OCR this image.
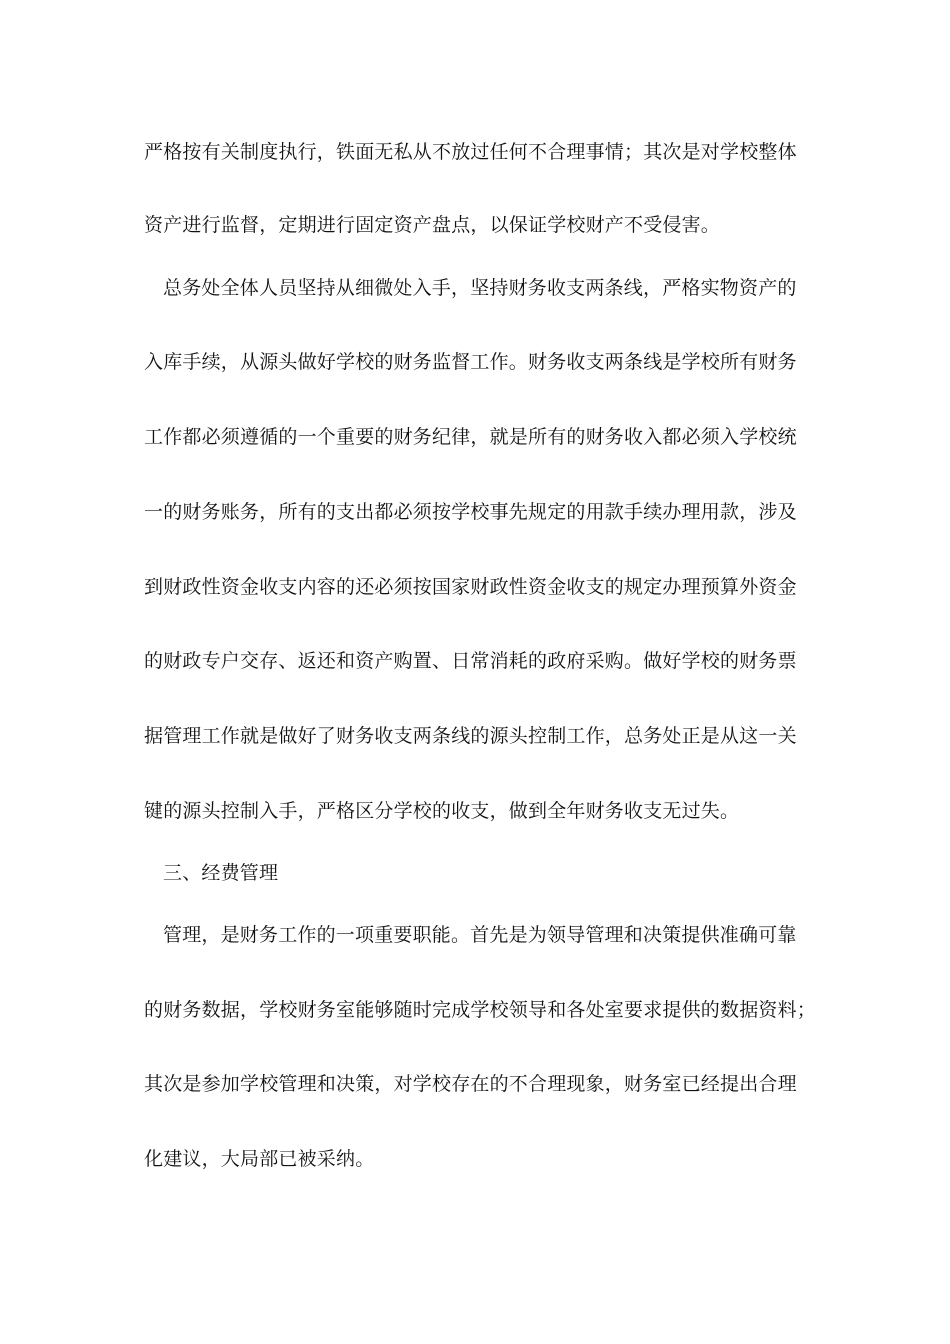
严格按有关制度执行，铁面无私从不放过任何不合理事情；其次是对学校整体
资产进行监督，定期进行固定资产盘点，以保证学校财产不受侵害。
总务处全体人员坚持从细微处入手，坚持财务收支两条线，严格实物资产的
入库手续，从源头做好学校的财务监督工作。财务收支两条线是学校所有财务
工作都必须遵循的一个重要的财务纪律，就是所有的财务收入都必须入学校统
一的财务账务，所有的支出都必须按学校事先规定的用款手续办理用款，涉及
到财政性资金收支内容的还必须按国家财政性资金收支的规定办理预算外资金
的财政专户交存、返还和资产购置、日常消耗的政府采购。做好学校的财务票
据管理工作就是做好了财务收支两条线的源头控制工作，总务处正是从这一关
键的源头控制入手，严格区分学校的收支，做到全年财务收支无过失。
三、经费管理
管理，是财务工作的一项重要职能。首先是为领导管理和决策提供准确可靠
的财务数据，学校财务室能够随时完成学校领导和各处室要求提供的数据资料；
其次是参加学校管理和决策，对学校存在的不合理现象，财务室已经提出合理
化建议，大局部已被采纳。
